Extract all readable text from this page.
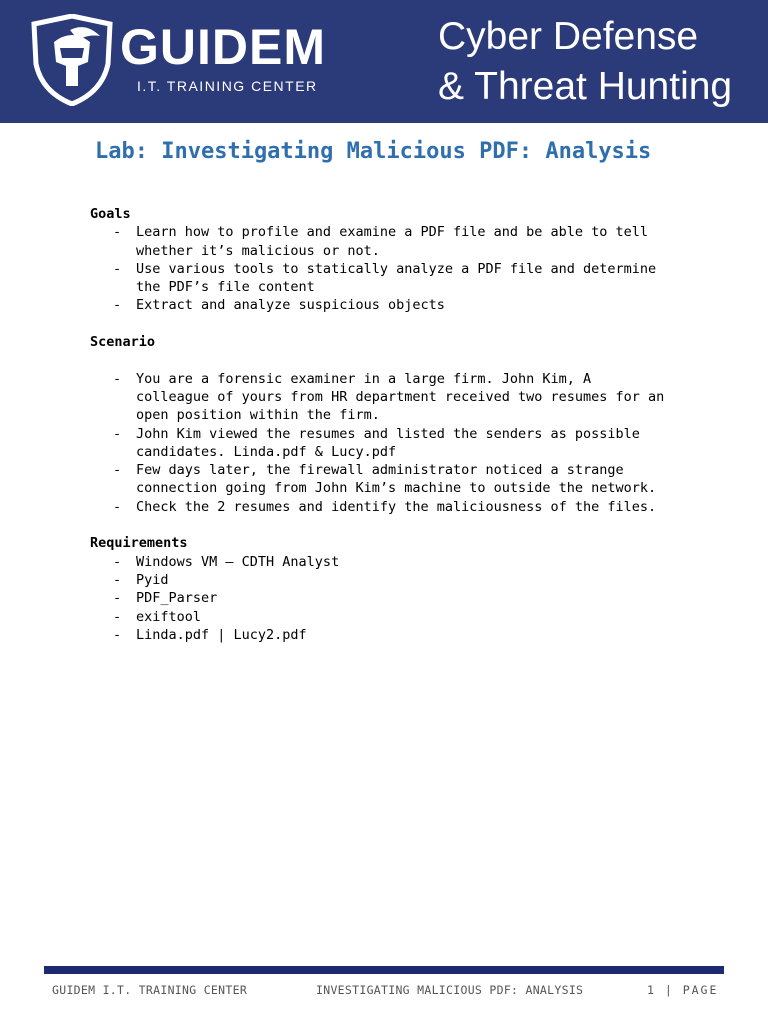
GUIDEM
I.T. TRAINING CENTER
Cyber Defense
& Threat Hunting
Lab: Investigating Malicious PDF: Analysis
Goals
- Learn how to profile and examine a PDF file and be able to tell
whether it’s malicious or not.
- Use various tools to statically analyze a PDF file and determine
the PDF’s file content
- Extract and analyze suspicious objects
Scenario
- You are a forensic examiner in a large firm. John Kim, A
colleague of yours from HR department received two resumes for an
open position within the firm.
- John Kim viewed the resumes and listed the senders as possible
candidates. Linda.pdf & Lucy.pdf
- Few days later, the firewall administrator noticed a strange
connection going from John Kim’s machine to outside the network.
- Check the 2 resumes and identify the maliciousness of the files.
Requirements
- Windows VM – CDTH Analyst
- Pyid
- PDF_Parser
- exiftool
- Linda.pdf | Lucy2.pdf
GUIDEM I.T. TRAINING CENTER	INVESTIGATING MALICIOUS PDF: ANALYSIS	1 | PAGE
